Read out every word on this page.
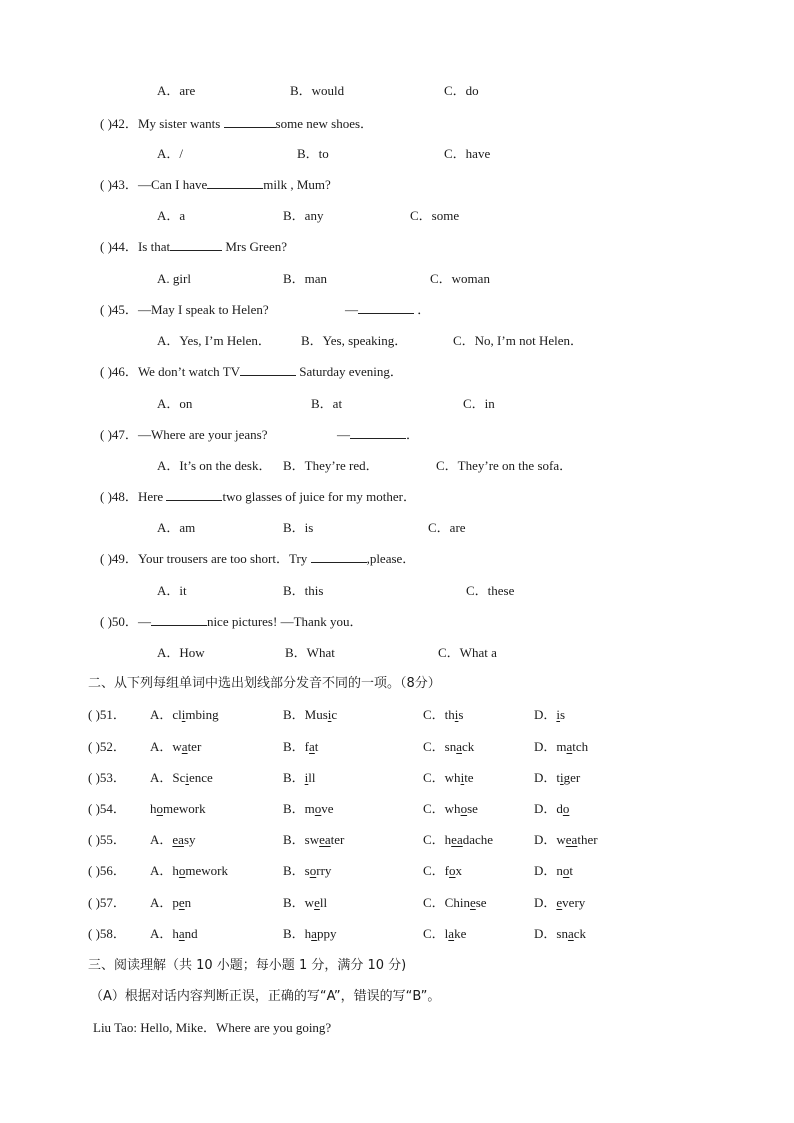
A．are	B．would	C．do
( )42．My sister wants	some new shoes．
A．/	B．to	C．have
( )43．—Can I have	milk , Mum?
A．a	B．any	C．some
( )44．Is that	Mrs Green?
A. girl	B．man	C．woman
( )45．—May I speak to Helen?	—	．
A．Yes, I’m Helen． B．Yes, speaking．	C．No, I’m not Helen．
( )46．We don’t watch TV	Saturday evening．
A．on	B．at	C．in
( )47．—Where are your jeans?	—	．
A．It’s on the desk． B．They’re red．	C．They’re on the sofa．
( )48．Here	two glasses of juice for my mother．
A．am	B．is	C．are
( )49．Your trousers are too short．Try	,please．
A．it	B．this	C．these
( )50．—	nice pictures! —Thank you．
A．How	B．What	C．What a
二、从下列每组单词中选出划线部分发音不同的一项。（8分）
( )51． A．climbing	B．Music	C．this	D．is
( )52． A．water	B．fat	C．snack	D．match
( )53． A．Science	B．ill	C．white	D．tiger
( )54． homework	B．move	C．whose	D．do
( )55． A．easy	B．sweater	C．headache	D．weather
( )56． A．homework	B．sorry	C．fox	D．not
( )57． A．pen	B．well	C．Chinese	D．every
( )58． A．hand	B．happy	C．lake	D．snack
三、阅读理解（共 10 小题；每小题 1 分，满分 10 分)
（A）根据对话内容判断正误，正确的写“A”，错误的写“B”。
Liu Tao: Hello, Mike．Where are you going?
